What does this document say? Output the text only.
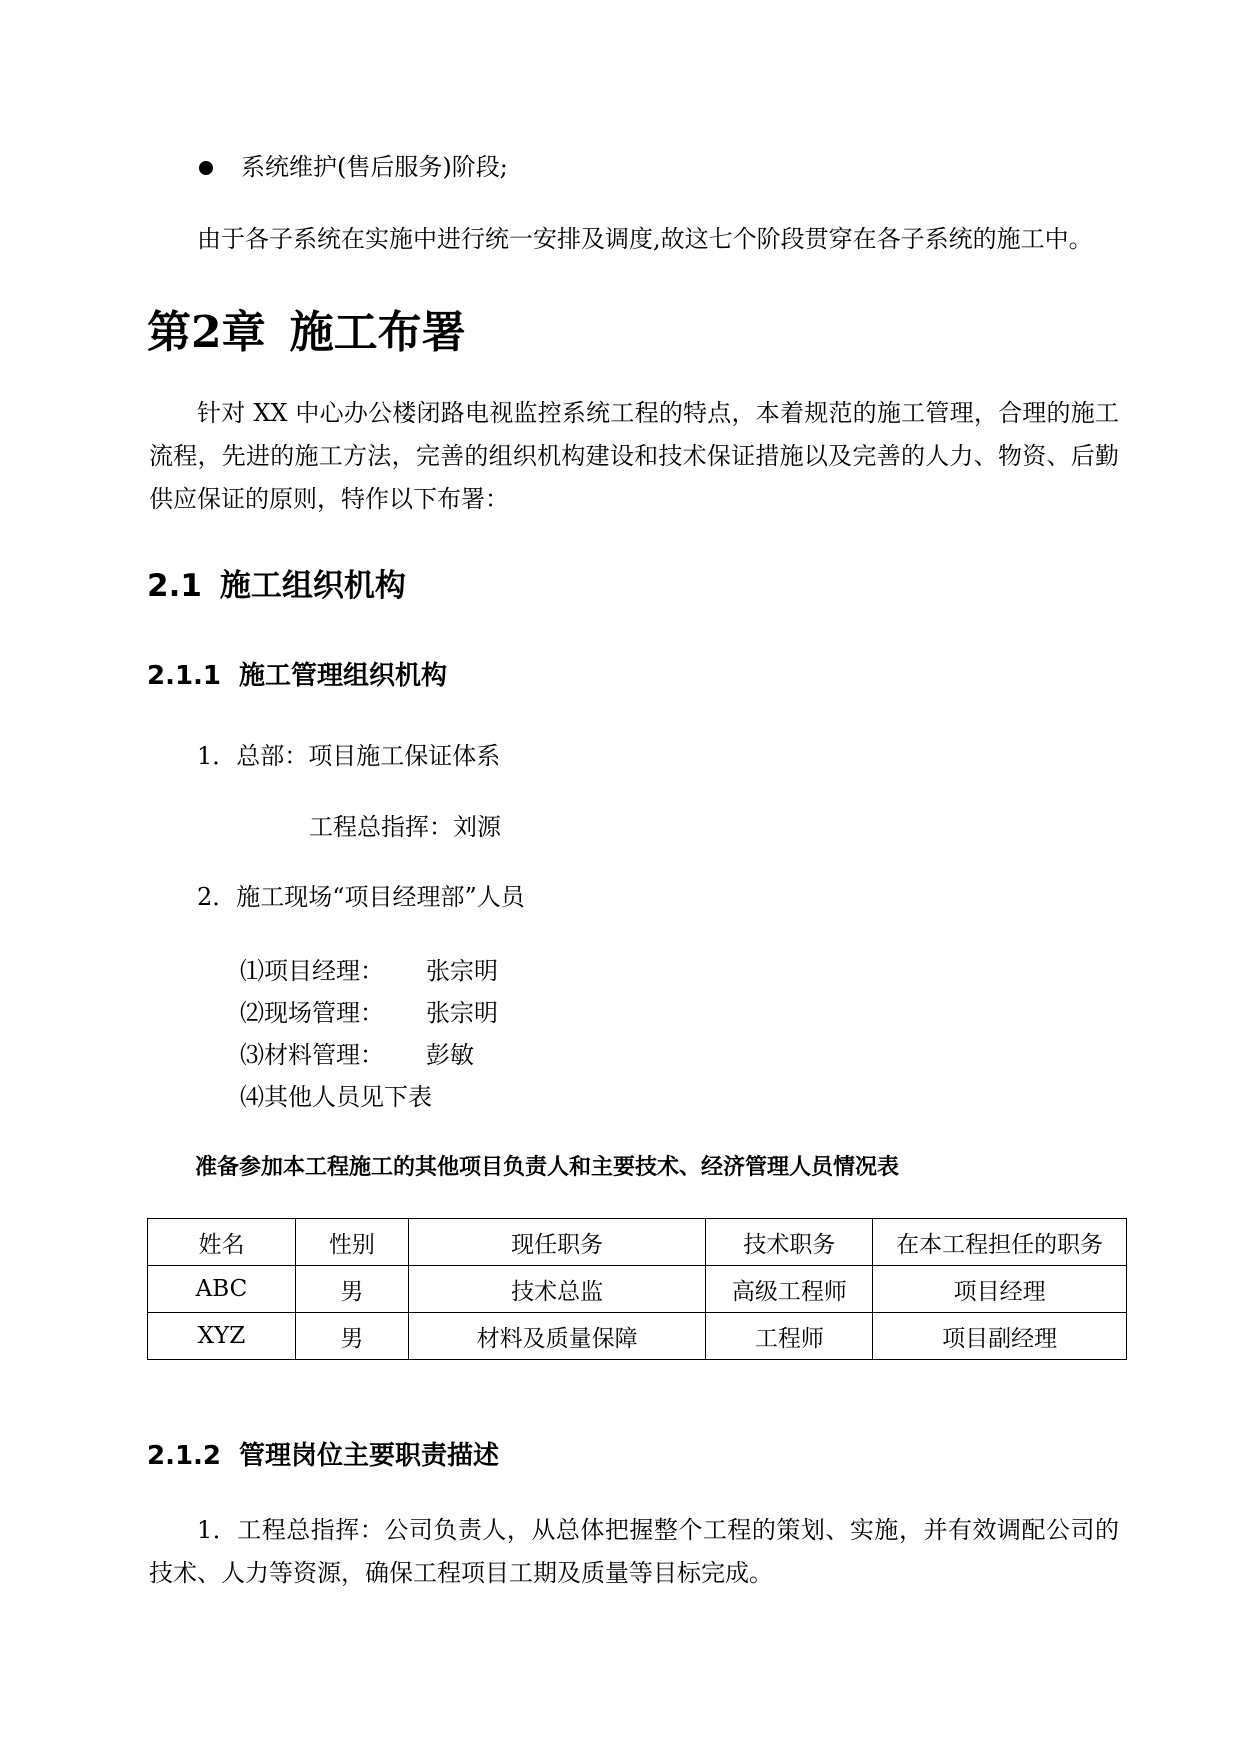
系统维护(售后服务)阶段;
由于各子系统在实施中进行统一安排及调度,故这七个阶段贯穿在各子系统的施工中。
第2章 施工布署
针对 XX 中心办公楼闭路电视监控系统工程的特点，本着规范的施工管理，合理的施工流程，先进的施工方法，完善的组织机构建设和技术保证措施以及完善的人力、物资、后勤供应保证的原则，特作以下布署：
2.1 施工组织机构
2.1.1 施工管理组织机构
1．总部：项目施工保证体系
工程总指挥：刘源
2．施工现场“项目经理部”人员
⑴项目经理： 张宗明
⑵现场管理： 张宗明
⑶材料管理： 彭敏
⑷其他人员见下表
准备参加本工程施工的其他项目负责人和主要技术、经济管理人员情况表
姓名	性别	现任职务	技术职务	在本工程担任的职务
ABC	男	技术总监	高级工程师	项目经理
XYZ	男	材料及质量保障	工程师	项目副经理
2.1.2 管理岗位主要职责描述
1．工程总指挥：公司负责人，从总体把握整个工程的策划、实施，并有效调配公司的技术、人力等资源，确保工程项目工期及质量等目标完成。
